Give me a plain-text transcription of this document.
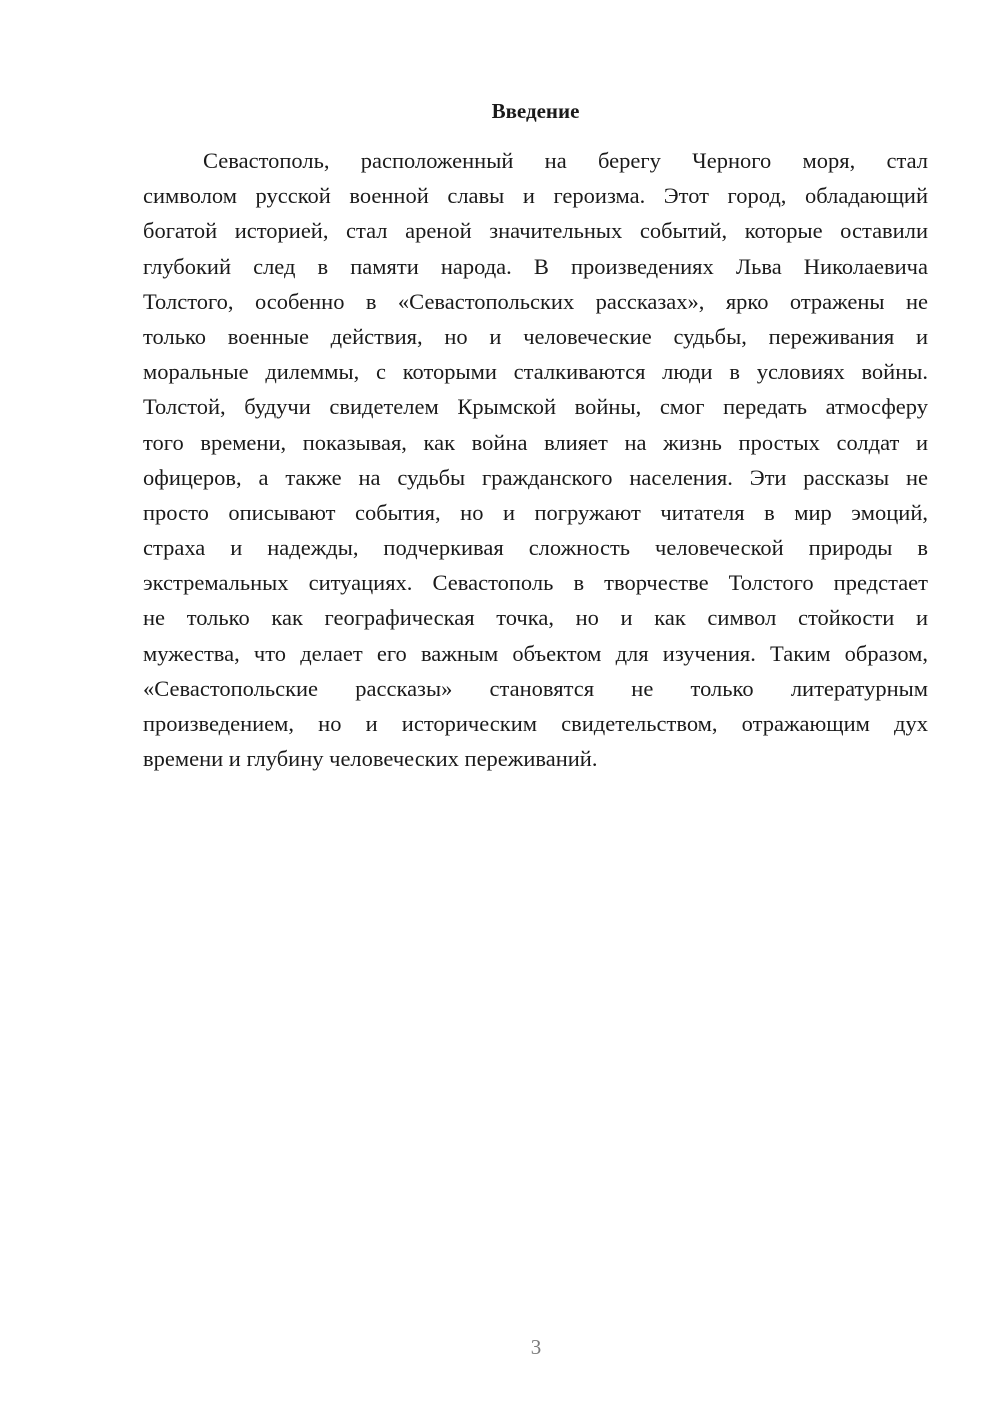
Введение
Севастополь, расположенный на берегу Черного моря, стал
символом русской военной славы и героизма. Этот город, обладающий
богатой историей, стал ареной значительных событий, которые оставили
глубокий след в памяти народа. В произведениях Льва Николаевича
Толстого, особенно в «Севастопольских рассказах», ярко отражены не
только военные действия, но и человеческие судьбы, переживания и
моральные дилеммы, с которыми сталкиваются люди в условиях войны.
Толстой, будучи свидетелем Крымской войны, смог передать атмосферу
того времени, показывая, как война влияет на жизнь простых солдат и
офицеров, а также на судьбы гражданского населения. Эти рассказы не
просто описывают события, но и погружают читателя в мир эмоций,
страха и надежды, подчеркивая сложность человеческой природы в
экстремальных ситуациях. Севастополь в творчестве Толстого предстает
не только как географическая точка, но и как символ стойкости и
мужества, что делает его важным объектом для изучения. Таким образом,
«Севастопольские рассказы» становятся не только литературным
произведением, но и историческим свидетельством, отражающим дух
времени и глубину человеческих переживаний.
3
